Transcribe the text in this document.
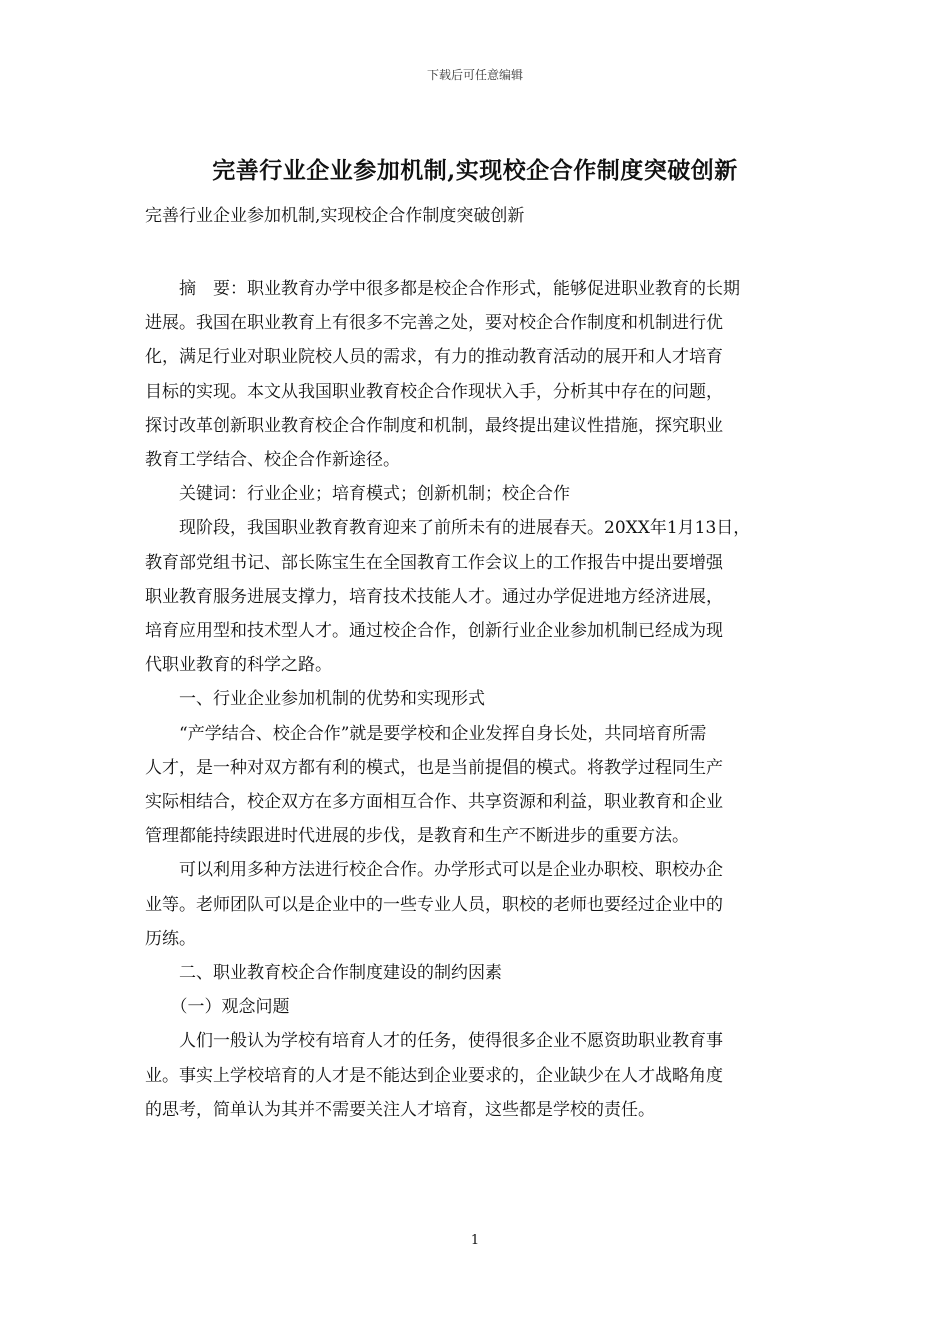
下载后可任意编辑
完善行业企业参加机制,实现校企合作制度突破创新
完善行业企业参加机制,实现校企合作制度突破创新

　　摘　要：职业教育办学中很多都是校企合作形式，能够促进职业教育的长期

进展。我国在职业教育上有很多不完善之处，要对校企合作制度和机制进行优

化，满足行业对职业院校人员的需求，有力的推动教育活动的展开和人才培育

目标的实现。本文从我国职业教育校企合作现状入手，分析其中存在的问题，

探讨改革创新职业教育校企合作制度和机制，最终提出建议性措施，探究职业

教育工学结合、校企合作新途径。

　　关键词：行业企业；培育模式；创新机制；校企合作

　　现阶段，我国职业教育教育迎来了前所未有的进展春天。20XX年1月13日，

教育部党组书记、部长陈宝生在全国教育工作会议上的工作报告中提出要增强

职业教育服务进展支撑力，培育技术技能人才。通过办学促进地方经济进展，

培育应用型和技术型人才。通过校企合作，创新行业企业参加机制已经成为现

代职业教育的科学之路。

　　一、行业企业参加机制的优势和实现形式

　　“产学结合、校企合作”就是要学校和企业发挥自身长处，共同培育所需

人才，是一种对双方都有利的模式，也是当前提倡的模式。将教学过程同生产

实际相结合，校企双方在多方面相互合作、共享资源和利益，职业教育和企业

管理都能持续跟进时代进展的步伐，是教育和生产不断进步的重要方法。

　　可以利用多种方法进行校企合作。办学形式可以是企业办职校、职校办企

业等。老师团队可以是企业中的一些专业人员，职校的老师也要经过企业中的

历练。

　　二、职业教育校企合作制度建设的制约因素

　　（一）观念问题

　　人们一般认为学校有培育人才的任务，使得很多企业不愿资助职业教育事

业。事实上学校培育的人才是不能达到企业要求的，企业缺少在人才战略角度

的思考，简单认为其并不需要关注人才培育，这些都是学校的责任。

1
